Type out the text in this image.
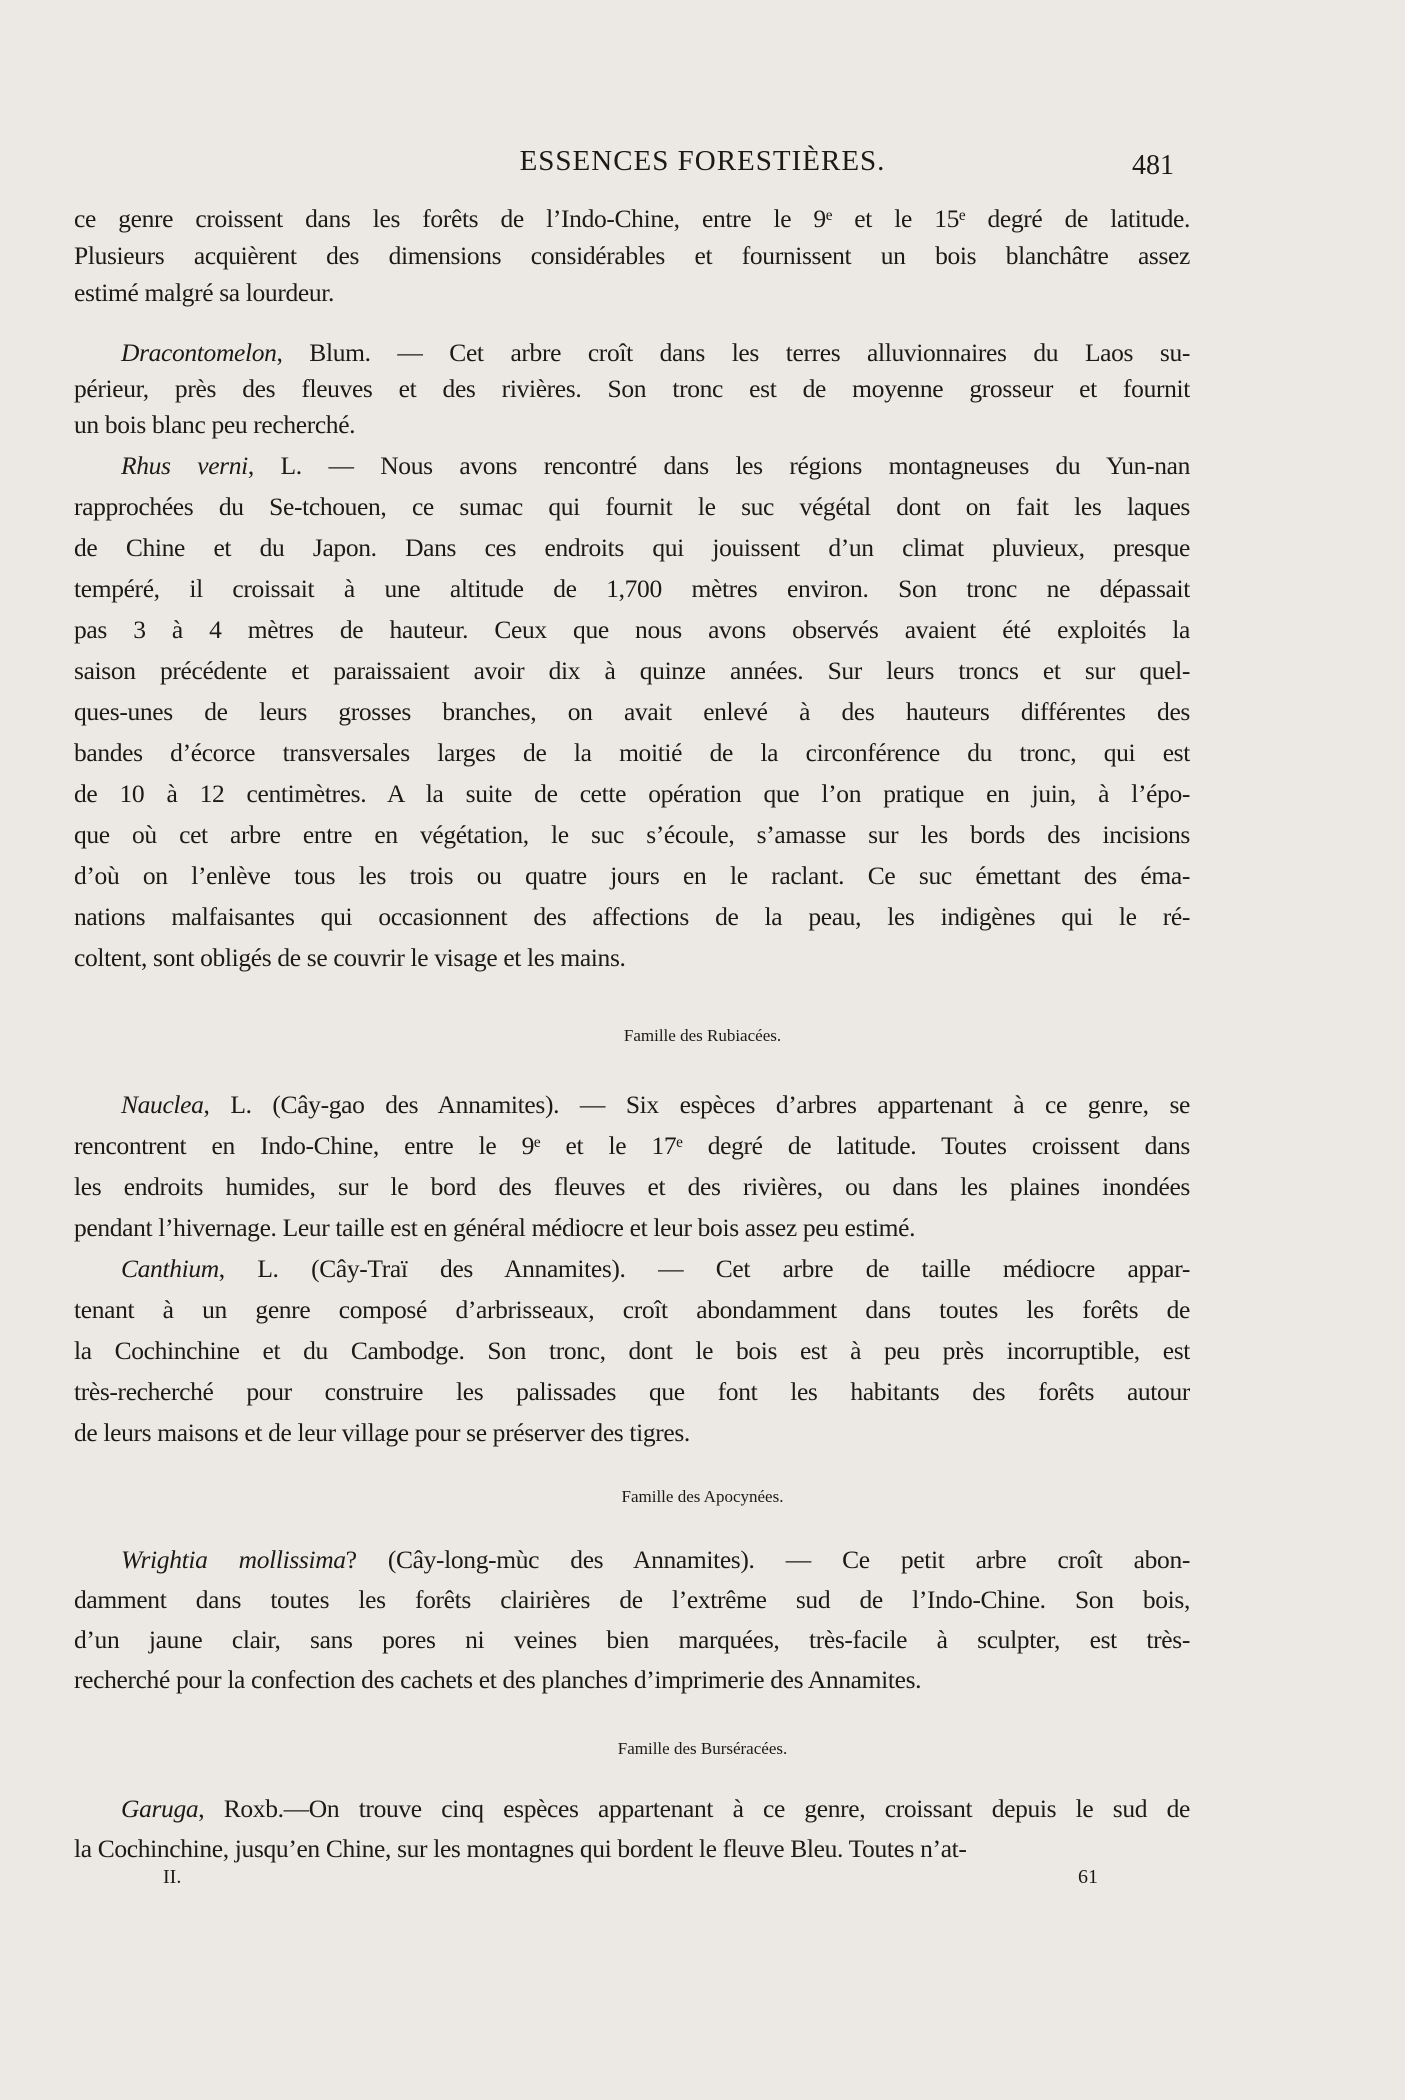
ESSENCES FORESTIÈRES.	481
ce genre croissent dans les forêts de l’Indo-Chine, entre le 9ᵉ et le 15ᵉ degré de latitude.
Plusieurs acquièrent des dimensions considérables et fournissent un bois blanchâtre assez
estimé malgré sa lourdeur.
Dracontomelon, Blum. — Cet arbre croît dans les terres alluvionnaires du Laos su-
périeur, près des fleuves et des rivières. Son tronc est de moyenne grosseur et fournit
un bois blanc peu recherché.
Rhus verni, L. — Nous avons rencontré dans les régions montagneuses du Yun-nan
rapprochées du Se-tchouen, ce sumac qui fournit le suc végétal dont on fait les laques
de Chine et du Japon. Dans ces endroits qui jouissent d’un climat pluvieux, presque
tempéré, il croissait à une altitude de 1,700 mètres environ. Son tronc ne dépassait
pas 3 à 4 mètres de hauteur. Ceux que nous avons observés avaient été exploités la
saison précédente et paraissaient avoir dix à quinze années. Sur leurs troncs et sur quel-
ques-unes de leurs grosses branches, on avait enlevé à des hauteurs différentes des
bandes d’écorce transversales larges de la moitié de la circonférence du tronc, qui est
de 10 à 12 centimètres. A la suite de cette opération que l’on pratique en juin, à l’épo-
que où cet arbre entre en végétation, le suc s’écoule, s’amasse sur les bords des incisions
d’où on l’enlève tous les trois ou quatre jours en le raclant. Ce suc émettant des éma-
nations malfaisantes qui occasionnent des affections de la peau, les indigènes qui le ré-
coltent, sont obligés de se couvrir le visage et les mains.
Nauclea, L. (Cây-gao des Annamites). — Six espèces d’arbres appartenant à ce genre, se
rencontrent en Indo-Chine, entre le 9ᵉ et le 17ᵉ degré de latitude. Toutes croissent dans
les endroits humides, sur le bord des fleuves et des rivières, ou dans les plaines inondées
pendant l’hivernage. Leur taille est en général médiocre et leur bois assez peu estimé.
Canthium, L. (Cây-Traï des Annamites). — Cet arbre de taille médiocre appar-
tenant à un genre composé d’arbrisseaux, croît abondamment dans toutes les forêts de
la Cochinchine et du Cambodge. Son tronc, dont le bois est à peu près incorruptible, est
très-recherché pour construire les palissades que font les habitants des forêts autour
de leurs maisons et de leur village pour se préserver des tigres.
Wrightia mollissima? (Cây-long-mùc des Annamites). — Ce petit arbre croît abon-
damment dans toutes les forêts clairières de l’extrême sud de l’Indo-Chine. Son bois,
d’un jaune clair, sans pores ni veines bien marquées, très-facile à sculpter, est très-
recherché pour la confection des cachets et des planches d’imprimerie des Annamites.
Garuga, Roxb.—On trouve cinq espèces appartenant à ce genre, croissant depuis le sud de
la Cochinchine, jusqu’en Chine, sur les montagnes qui bordent le fleuve Bleu. Toutes n’at-
Famille des Rubiacées.
Famille des Apocynées.
Famille des Burséracées.
II.	61
